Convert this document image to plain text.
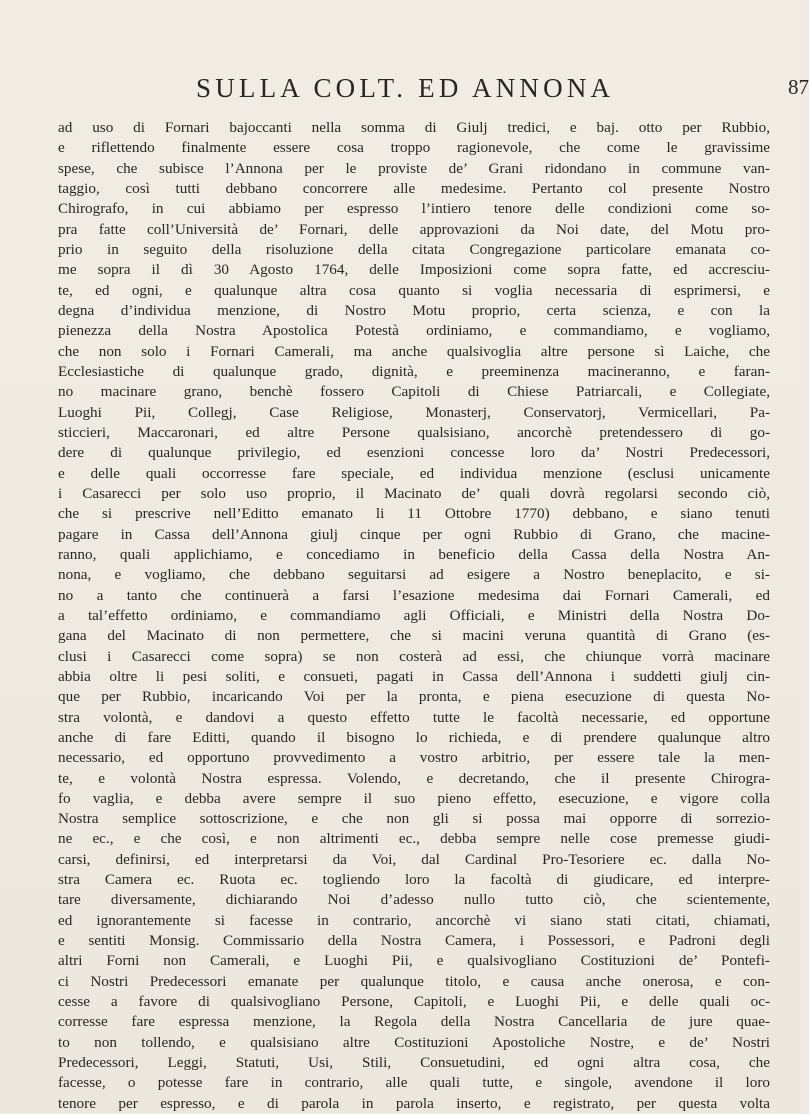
SULLA COLT. ED ANNONA	87
ad uso di Fornari bajoccanti nella somma di Giulj tredici, e baj. otto per Rubbio,
e riflettendo finalmente essere cosa troppo ragionevole, che come le gravissime
spese, che subisce l’Annona per le proviste de’ Grani ridondano in commune van-
taggio, così tutti debbano concorrere alle medesime. Pertanto col presente Nostro
Chirografo, in cui abbiamo per espresso l’intiero tenore delle condizioni come so-
pra fatte coll’Università de’ Fornari, delle approvazioni da Noi date, del Motu pro-
prio in seguito della risoluzione della citata Congregazione particolare emanata co-
me sopra il dì 30 Agosto 1764, delle Imposizioni come sopra fatte, ed accresciu-
te, ed ogni, e qualunque altra cosa quanto si voglia necessaria di esprimersi, e
degna d’individua menzione, di Nostro Motu proprio, certa scienza, e con la
pienezza della Nostra Apostolica Potestà ordiniamo, e commandiamo, e vogliamo,
che non solo i Fornari Camerali, ma anche qualsivoglia altre persone sì Laiche, che
Ecclesiastiche di qualunque grado, dignità, e preeminenza macineranno, e faran-
no macinare grano, benchè fossero Capitoli di Chiese Patriarcali, e Collegiate,
Luoghi Pii, Collegj, Case Religiose, Monasterj, Conservatorj, Vermicellari, Pa-
sticcieri, Maccaronari, ed altre Persone qualsisiano, ancorchè pretendessero di go-
dere di qualunque privilegio, ed esenzioni concesse loro da’ Nostri Predecessori,
e delle quali occorresse fare speciale, ed individua menzione (esclusi unicamente
i Casarecci per solo uso proprio, il Macinato de’ quali dovrà regolarsi secondo ciò,
che si prescrive nell’Editto emanato li 11 Ottobre 1770) debbano, e siano tenuti
pagare in Cassa dell’Annona giulj cinque per ogni Rubbio di Grano, che macine-
ranno, quali applichiamo, e concediamo in beneficio della Cassa della Nostra An-
nona, e vogliamo, che debbano seguitarsi ad esigere a Nostro beneplacito, e si-
no a tanto che continuerà a farsi l’esazione medesima dai Fornari Camerali, ed
a tal’effetto ordiniamo, e commandiamo agli Officiali, e Ministri della Nostra Do-
gana del Macinato di non permettere, che si macini veruna quantità di Grano (es-
clusi i Casarecci come sopra) se non costerà ad essi, che chiunque vorrà macinare
abbia oltre li pesi soliti, e consueti, pagati in Cassa dell’Annona i suddetti giulj cin-
que per Rubbio, incaricando Voi per la pronta, e piena esecuzione di questa No-
stra volontà, e dandovi a questo effetto tutte le facoltà necessarie, ed opportune
anche di fare Editti, quando il bisogno lo richieda, e di prendere qualunque altro
necessario, ed opportuno provvedimento a vostro arbitrio, per essere tale la men-
te, e volontà Nostra espressa. Volendo, e decretando, che il presente Chirogra-
fo vaglia, e debba avere sempre il suo pieno effetto, esecuzione, e vigore colla
Nostra semplice sottoscrizione, e che non gli si possa mai opporre di sorrezio-
ne ec., e che così, e non altrimenti ec., debba sempre nelle cose premesse giudi-
carsi, definirsi, ed interpretarsi da Voi, dal Cardinal Pro-Tesoriere ec. dalla No-
stra Camera ec. Ruota ec. togliendo loro la facoltà di giudicare, ed interpre-
tare diversamente, dichiarando Noi d’adesso nullo tutto ciò, che scientemente,
ed ignorantemente si facesse in contrario, ancorchè vi siano stati citati, chiamati,
e sentiti Monsig. Commissario della Nostra Camera, i Possessori, e Padroni degli
altri Forni non Camerali, e Luoghi Pii, e qualsivogliano Costituzioni de’ Pontefi-
ci Nostri Predecessori emanate per qualunque titolo, e causa anche onerosa, e con-
cesse a favore di qualsivogliano Persone, Capitoli, e Luoghi Pii, e delle quali oc-
corresse fare espressa menzione, la Regola della Nostra Cancellaria de jure quae-
to non tollendo, e qualsisiano altre Costituzioni Apostoliche Nostre, e de’ Nostri
Predecessori, Leggi, Statuti, Usi, Stili, Consuetudini, ed ogni altra cosa, che
facesse, o potesse fare in contrario, alle quali tutte, e singole, avendone il loro
tenore per espresso, e di parola in parola inserto, e registrato, per questa volta
